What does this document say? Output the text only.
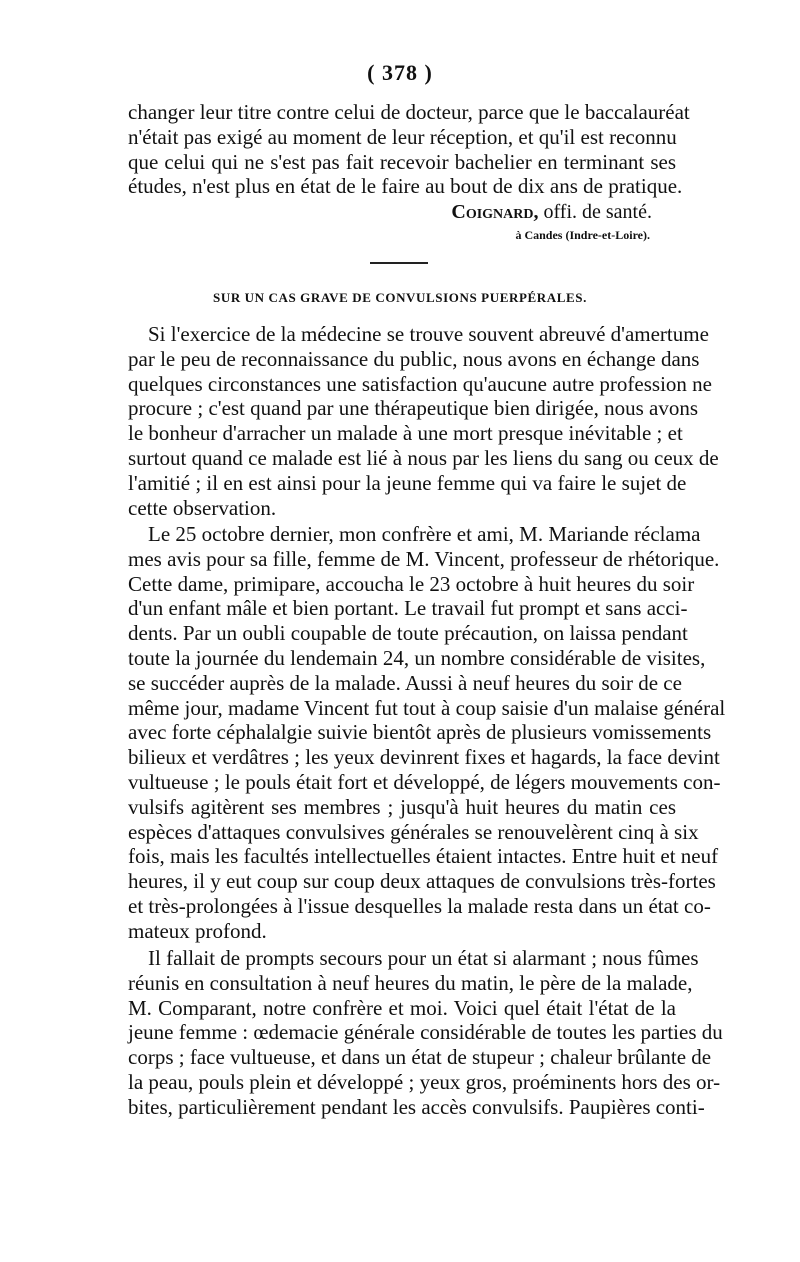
( 378 )
changer leur titre contre celui de docteur, parce que le baccalauréat
n'était pas exigé au moment de leur réception, et qu'il est reconnu
que celui qui ne s'est pas fait recevoir bachelier en terminant ses
études, n'est plus en état de le faire au bout de dix ans de pratique.
Coignard, offi. de santé.
à Candes (Indre-et-Loire).
SUR UN CAS GRAVE DE CONVULSIONS PUERPÉRALES.
Si l'exercice de la médecine se trouve souvent abreuvé d'amertume
par le peu de reconnaissance du public, nous avons en échange dans
quelques circonstances une satisfaction qu'aucune autre profession ne
procure ; c'est quand par une thérapeutique bien dirigée, nous avons
le bonheur d'arracher un malade à une mort presque inévitable ; et
surtout quand ce malade est lié à nous par les liens du sang ou ceux de
l'amitié ; il en est ainsi pour la jeune femme qui va faire le sujet de
cette observation.
Le 25 octobre dernier, mon confrère et ami, M. Mariande réclama
mes avis pour sa fille, femme de M. Vincent, professeur de rhétorique.
Cette dame, primipare, accoucha le 23 octobre à huit heures du soir
d'un enfant mâle et bien portant. Le travail fut prompt et sans acci-
dents. Par un oubli coupable de toute précaution, on laissa pendant
toute la journée du lendemain 24, un nombre considérable de visites,
se succéder auprès de la malade. Aussi à neuf heures du soir de ce
même jour, madame Vincent fut tout à coup saisie d'un malaise général
avec forte céphalalgie suivie bientôt après de plusieurs vomissements
bilieux et verdâtres ; les yeux devinrent fixes et hagards, la face devint
vultueuse ; le pouls était fort et développé, de légers mouvements con-
vulsifs agitèrent ses membres ; jusqu'à huit heures du matin ces
espèces d'attaques convulsives générales se renouvelèrent cinq à six
fois, mais les facultés intellectuelles étaient intactes. Entre huit et neuf
heures, il y eut coup sur coup deux attaques de convulsions très-fortes
et très-prolongées à l'issue desquelles la malade resta dans un état co-
mateux profond.
Il fallait de prompts secours pour un état si alarmant ; nous fûmes
réunis en consultation à neuf heures du matin, le père de la malade,
M. Comparant, notre confrère et moi. Voici quel était l'état de la
jeune femme : œdemacie générale considérable de toutes les parties du
corps ; face vultueuse, et dans un état de stupeur ; chaleur brûlante de
la peau, pouls plein et développé ; yeux gros, proéminents hors des or-
bites, particulièrement pendant les accès convulsifs. Paupières conti-
